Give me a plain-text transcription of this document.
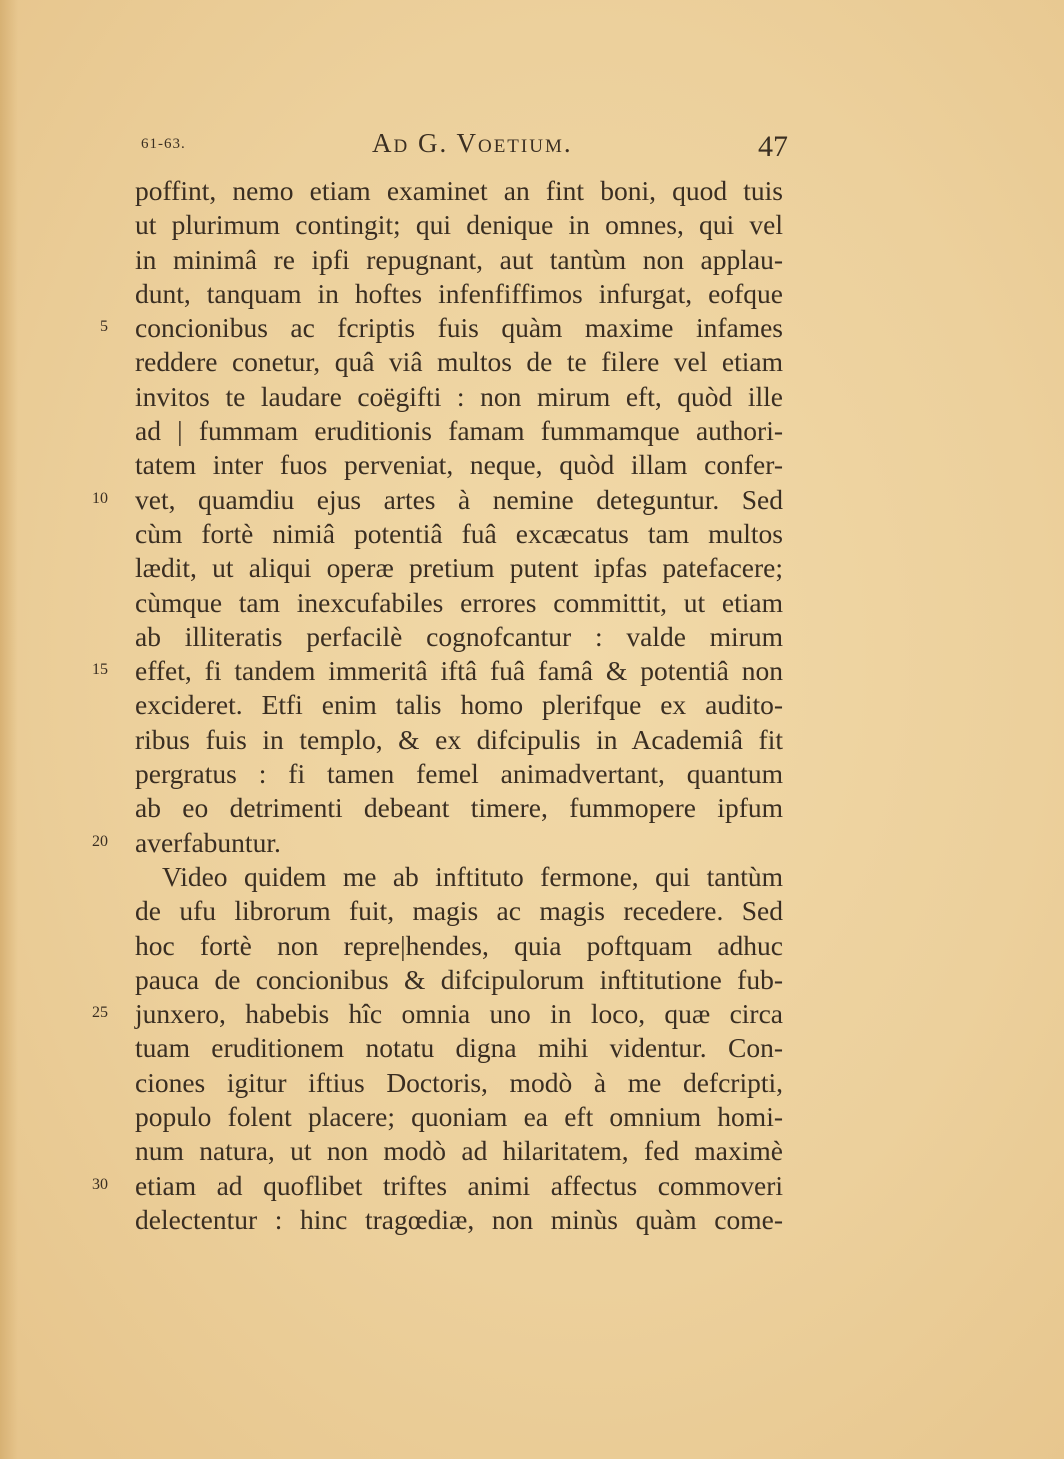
61-63.	Ad G. Voetium.	47
poffint, nemo etiam examinet an fint boni, quod tuis
ut plurimum contingit; qui denique in omnes, qui vel
in minimâ re ipfi repugnant, aut tantùm non applau-
dunt, tanquam in hoftes infenfiffimos infurgat, eofque
5 concionibus ac fcriptis fuis quàm maxime infames
reddere conetur, quâ viâ multos de te filere vel etiam
invitos te laudare coëgifti : non mirum eft, quòd ille
ad | fummam eruditionis famam fummamque authori-
tatem inter fuos perveniat, neque, quòd illam confer-
10 vet, quamdiu ejus artes à nemine deteguntur. Sed
cùm fortè nimiâ potentiâ fuâ excæcatus tam multos
lædit, ut aliqui operæ pretium putent ipfas patefacere;
cùmque tam inexcufabiles errores committit, ut etiam
ab illiteratis perfacilè cognofcantur : valde mirum
15 effet, fi tandem immeritâ iftâ fuâ famâ & potentiâ non
excideret. Etfi enim talis homo plerifque ex audito-
ribus fuis in templo, & ex difcipulis in Academiâ fit
pergratus : fi tamen femel animadvertant, quantum
ab eo detrimenti debeant timere, fummopere ipfum
20 averfabuntur.
Video quidem me ab inftituto fermone, qui tantùm
de ufu librorum fuit, magis ac magis recedere. Sed
hoc fortè non repre|hendes, quia poftquam adhuc
pauca de concionibus & difcipulorum inftitutione fub-
25 junxero, habebis hîc omnia uno in loco, quæ circa
tuam eruditionem notatu digna mihi videntur. Con-
ciones igitur iftius Doctoris, modò à me defcripti,
populo folent placere; quoniam ea eft omnium homi-
num natura, ut non modò ad hilaritatem, fed maximè
30 etiam ad quoflibet triftes animi affectus commoveri
delectentur : hinc tragœdiæ, non minùs quàm come-
